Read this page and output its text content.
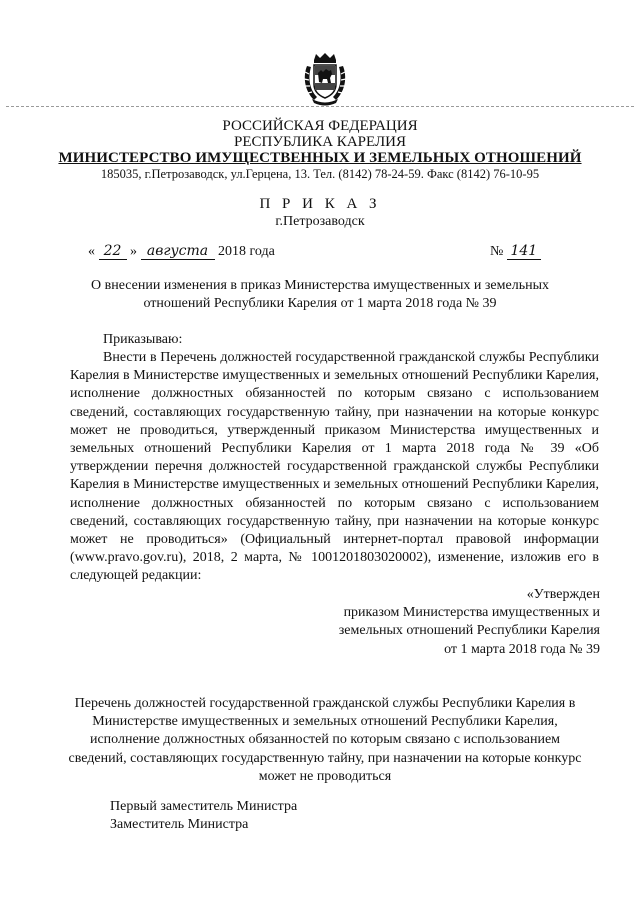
РОССИЙСКАЯ ФЕДЕРАЦИЯ
РЕСПУБЛИКА КАРЕЛИЯ
МИНИСТЕРСТВО ИМУЩЕСТВЕННЫХ И ЗЕМЕЛЬНЫХ ОТНОШЕНИЙ
185035, г.Петрозаводск, ул.Герцена, 13. Тел. (8142) 78-24-59. Факс (8142) 76-10-95
П Р И К А З
г.Петрозаводск
« 22 » августа 2018 года	№ 141
О внесении изменения в приказ Министерства имущественных и земельных отношений Республики Карелия от 1 марта 2018 года № 39
Приказываю:
Внести в Перечень должностей государственной гражданской службы Республики Карелия в Министерстве имущественных и земельных отношений Республики Карелия, исполнение должностных обязанностей по которым связано с использованием сведений, составляющих государственную тайну, при назначении на которые конкурс может не проводиться, утвержденный приказом Министерства имущественных и земельных отношений Республики Карелия от 1 марта 2018 года № 39 «Об утверждении перечня должностей государственной гражданской службы Республики Карелия в Министерстве имущественных и земельных отношений Республики Карелия, исполнение должностных обязанностей по которым связано с использованием сведений, составляющих государственную тайну, при назначении на которые конкурс может не проводиться» (Официальный интернет-портал правовой информации (www.pravo.gov.ru), 2018, 2 марта, № 1001201803020002), изменение, изложив его в следующей редакции:
«Утвержден
приказом Министерства имущественных и
земельных отношений Республики Карелия
от 1 марта 2018 года № 39
Перечень должностей государственной гражданской службы Республики Карелия в Министерстве имущественных и земельных отношений Республики Карелия, исполнение должностных обязанностей по которым связано с использованием сведений, составляющих государственную тайну, при назначении на которые конкурс может не проводиться
Первый заместитель Министра
Заместитель Министра
